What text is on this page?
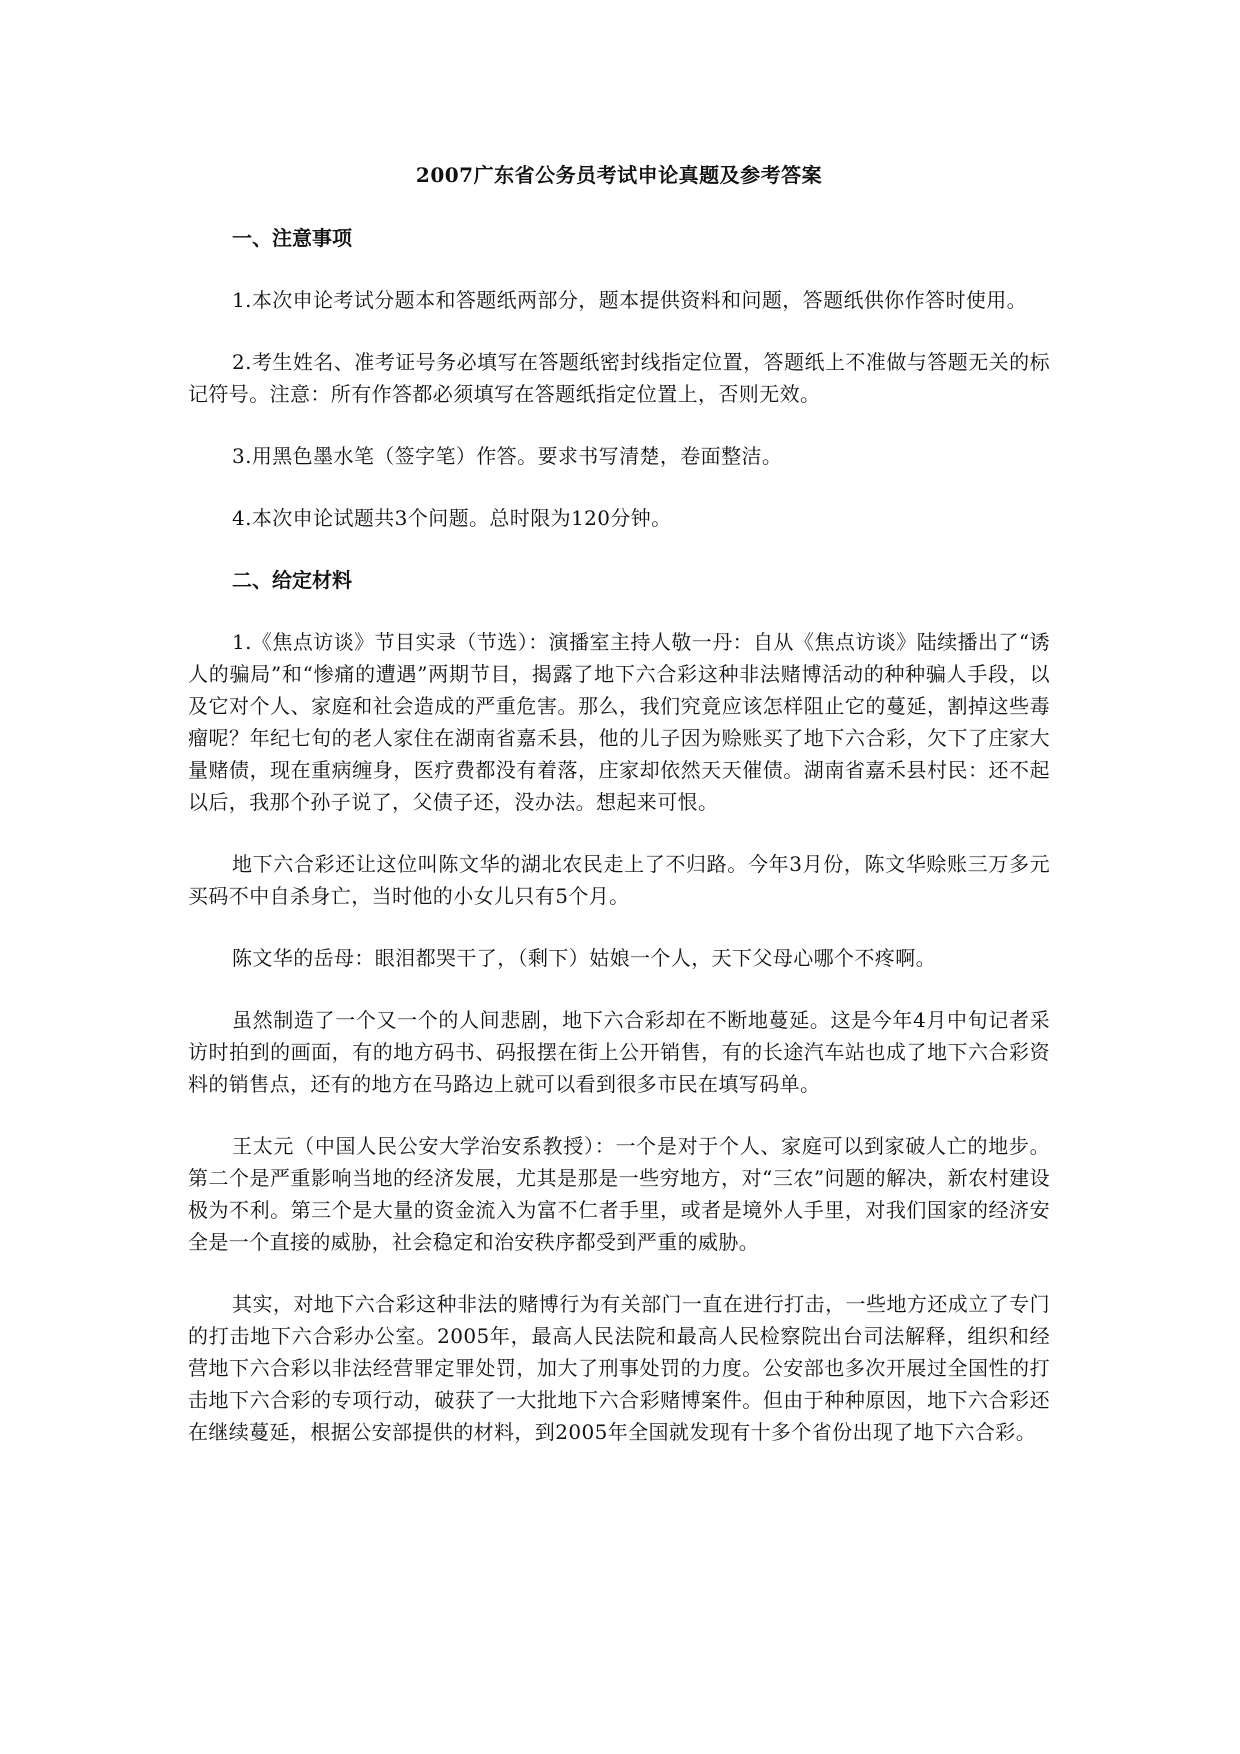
2007广东省公务员考试申论真题及参考答案
一、注意事项

1.本次申论考试分题本和答题纸两部分，题本提供资料和问题，答题纸供你作答时使用。

2.考生姓名、准考证号务必填写在答题纸密封线指定位置，答题纸上不准做与答题无关的标记符号。注意：所有作答都必须填写在答题纸指定位置上，否则无效。

3.用黑色墨水笔（签字笔）作答。要求书写清楚，卷面整洁。

4.本次申论试题共3个问题。总时限为120分钟。

二、给定材料

1.《焦点访谈》节目实录（节选）：演播室主持人敬一丹：自从《焦点访谈》陆续播出了“诱人的骗局”和“惨痛的遭遇”两期节目，揭露了地下六合彩这种非法赌博活动的种种骗人手段，以及它对个人、家庭和社会造成的严重危害。那么，我们究竟应该怎样阻止它的蔓延，割掉这些毒瘤呢？年纪七旬的老人家住在湖南省嘉禾县，他的儿子因为赊账买了地下六合彩，欠下了庄家大量赌债，现在重病缠身，医疗费都没有着落，庄家却依然天天催债。湖南省嘉禾县村民：还不起以后，我那个孙子说了，父债子还，没办法。想起来可恨。

地下六合彩还让这位叫陈文华的湖北农民走上了不归路。今年3月份，陈文华赊账三万多元买码不中自杀身亡，当时他的小女儿只有5个月。

陈文华的岳母：眼泪都哭干了，（剩下）姑娘一个人，天下父母心哪个不疼啊。

虽然制造了一个又一个的人间悲剧，地下六合彩却在不断地蔓延。这是今年4月中旬记者采访时拍到的画面，有的地方码书、码报摆在街上公开销售，有的长途汽车站也成了地下六合彩资料的销售点，还有的地方在马路边上就可以看到很多市民在填写码单。

王太元（中国人民公安大学治安系教授）：一个是对于个人、家庭可以到家破人亡的地步。第二个是严重影响当地的经济发展，尤其是那是一些穷地方，对“三农”问题的解决，新农村建设极为不利。第三个是大量的资金流入为富不仁者手里，或者是境外人手里，对我们国家的经济安全是一个直接的威胁，社会稳定和治安秩序都受到严重的威胁。

其实，对地下六合彩这种非法的赌博行为有关部门一直在进行打击，一些地方还成立了专门的打击地下六合彩办公室。2005年，最高人民法院和最高人民检察院出台司法解释，组织和经营地下六合彩以非法经营罪定罪处罚，加大了刑事处罚的力度。公安部也多次开展过全国性的打击地下六合彩的专项行动，破获了一大批地下六合彩赌博案件。但由于种种原因，地下六合彩还在继续蔓延，根据公安部提供的材料，到2005年全国就发现有十多个省份出现了地下六合彩。
